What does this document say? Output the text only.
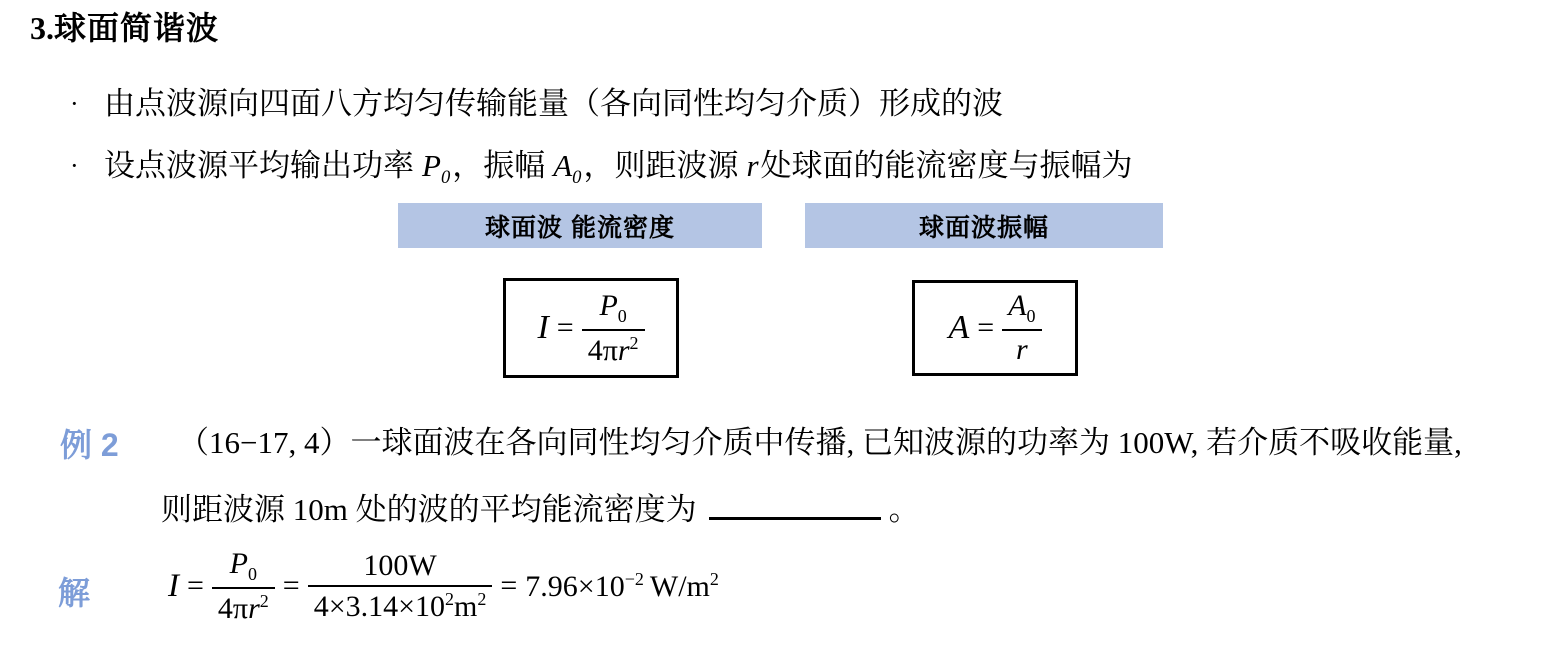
3.球面简谐波
· 由点波源向四面八方均匀传输能量（各向同性均匀介质）形成的波
· 设点波源平均输出功率 $P_0$，振幅 $A_0$，则距波源 r处球面的能流密度与振幅为
球面波 能流密度	球面波振幅
$I = \frac{P_0}{4\pi r^2}$	$A = \frac{A_0}{r}$
例 2 （16−17, 4）一球面波在各向同性均匀介质中传播, 已知波源的功率为 100W, 若介质不吸收能量,
则距波源 10m 处的波的平均能流密度为	。
解 $I = \frac{P_0}{4\pi r^2} = \frac{100W}{4\times 3.14\times 10^2m^2} = 7.96\times 10^{-2}$ $W/m^2$
